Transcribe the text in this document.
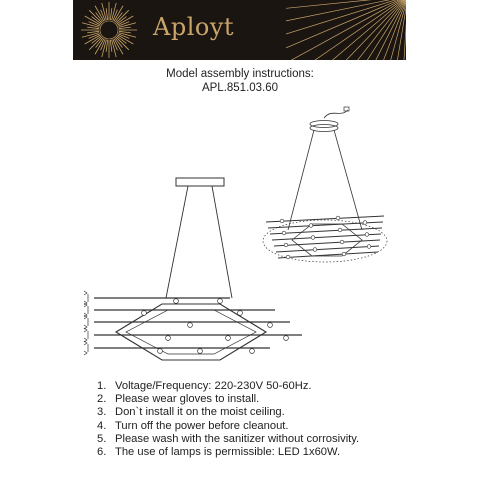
Aployt
Model assembly instructions:
APL.851.03.60
1. Voltage/Frequency: 220-230V 50-60Hz.
2. Please wear gloves to install.
3. Don`t install it on the moist ceiling.
4. Turn off the power before cleanout.
5. Please wash with the sanitizer without corrosivity.
6. The use of lamps is permissible: LED 1x60W.
